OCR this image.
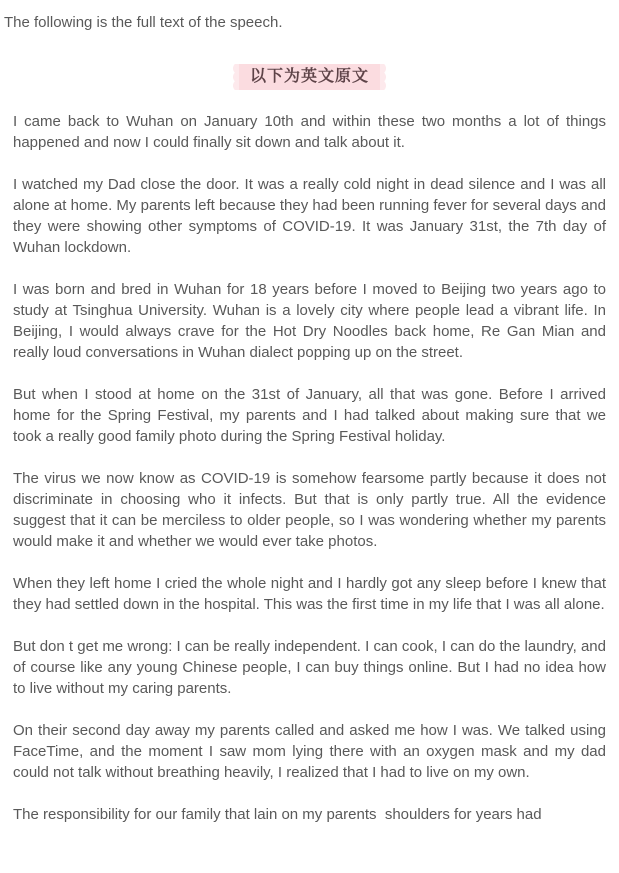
The following is the full text of the speech.
以下为英文原文

I came back to Wuhan on January 10th and within these two months a lot of things happened and now I could finally sit down and talk about it.

I watched my Dad close the door. It was a really cold night in dead silence and I was all alone at home. My parents left because they had been running fever for several days and they were showing other symptoms of COVID-19. It was January 31st, the 7th day of Wuhan lockdown.

I was born and bred in Wuhan for 18 years before I moved to Beijing two years ago to study at Tsinghua University. Wuhan is a lovely city where people lead a vibrant life. In Beijing, I would always crave for the Hot Dry Noodles back home, Re Gan Mian and really loud conversations in Wuhan dialect popping up on the street.

But when I stood at home on the 31st of January, all that was gone. Before I arrived home for the Spring Festival, my parents and I had talked about making sure that we took a really good family photo during the Spring Festival holiday.

The virus we now know as COVID-19 is somehow fearsome partly because it does not discriminate in choosing who it infects. But that is only partly true. All the evidence suggest that it can be merciless to older people, so I was wondering whether my parents would make it and whether we would ever take photos.

When they left home I cried the whole night and I hardly got any sleep before I knew that they had settled down in the hospital. This was the first time in my life that I was all alone.

But don t get me wrong: I can be really independent. I can cook, I can do the laundry, and of course like any young Chinese people, I can buy things online. But I had no idea how to live without my caring parents.

On their second day away my parents called and asked me how I was. We talked using FaceTime, and the moment I saw mom lying there with an oxygen mask and my dad could not talk without breathing heavily, I realized that I had to live on my own.

The responsibility for our family that lain on my parents  shoulders for years had
